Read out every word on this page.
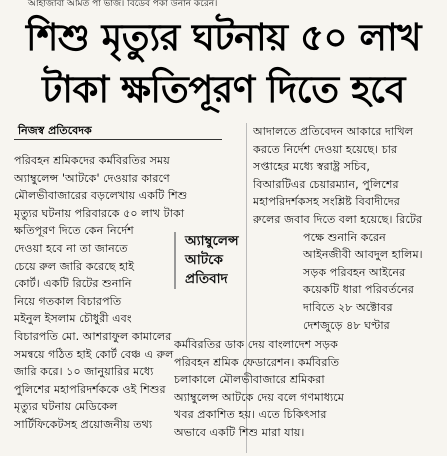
আহাজাবা আমত পা ভাজ। বিডেব পৰ্কা উনান করেন।
শিশু মৃত্যুর ঘটনায় ৫০ লাখ
টাকা ক্ষতিপূরণ দিতে হবে
নিজস্ব প্রতিবেদক
পরিবহন শ্রমিকদের কর্মবিরতির সময়
অ্যাম্বুলেন্স 'আটকে' দেওয়ার কারণে
মৌলভীবাজারের বড়লেখায় একটি শিশু
মৃত্যুর ঘটনায় পরিবারকে ৫০ লাখ টাকা
ক্ষতিপূরণ দিতে কেন নির্দেশ
দেওয়া হবে না তা জানতে
চেয়ে রুল জারি করেছে হাই
কোর্ট। একটি রিটের শুনানি
নিয়ে গতকাল বিচারপতি
মইনুল ইসলাম চৌধুরী এবং
বিচারপতি মো. আশরাফুল কামালের
সমন্বয়ে গঠিত হাই কোর্ট বেঞ্চ এ রুল
জারি করে। ১০ জানুয়ারির মধ্যে
পুলিশের মহাপরিদর্শককে ওই শিশুর
মৃত্যুর ঘটনায় মেডিকেল
সার্টিফিকেটসহ প্রয়োজনীয় তথ্য
অ্যাম্বুলেন্স
আটকে
প্রতিবাদ
আদালতে প্রতিবেদন আকারে দাখিল
করতে নির্দেশ দেওয়া হয়েছে। চার
সপ্তাহের মধ্যে স্বরাষ্ট্র সচিব,
বিআরটিএর চেয়ারম্যান, পুলিশের
মহাপরিদর্শকসহ সংশ্লিষ্ট বিবাদীদের
রুলের জবাব দিতে বলা হয়েছে। রিটের
পক্ষে শুনানি করেন
আইনজীবী আবদুল হালিম।
সড়ক পরিবহন আইনের
কয়েকটি ধারা পরিবর্তনের
দাবিতে ২৮ অক্টোবর
দেশজুড়ে ৪৮ ঘণ্টার
কর্মবিরতির ডাক দেয় বাংলাদেশ সড়ক
পরিবহন শ্রমিক ফেডারেশন। কর্মবিরতি
চলাকালে মৌলভীবাজারে শ্রমিকরা
অ্যাম্বুলেন্স আটকে দেয় বলে গণমাধ্যমে
খবর প্রকাশিত হয়। এতে চিকিৎসার
অভাবে একটি শিশু মারা যায়।
